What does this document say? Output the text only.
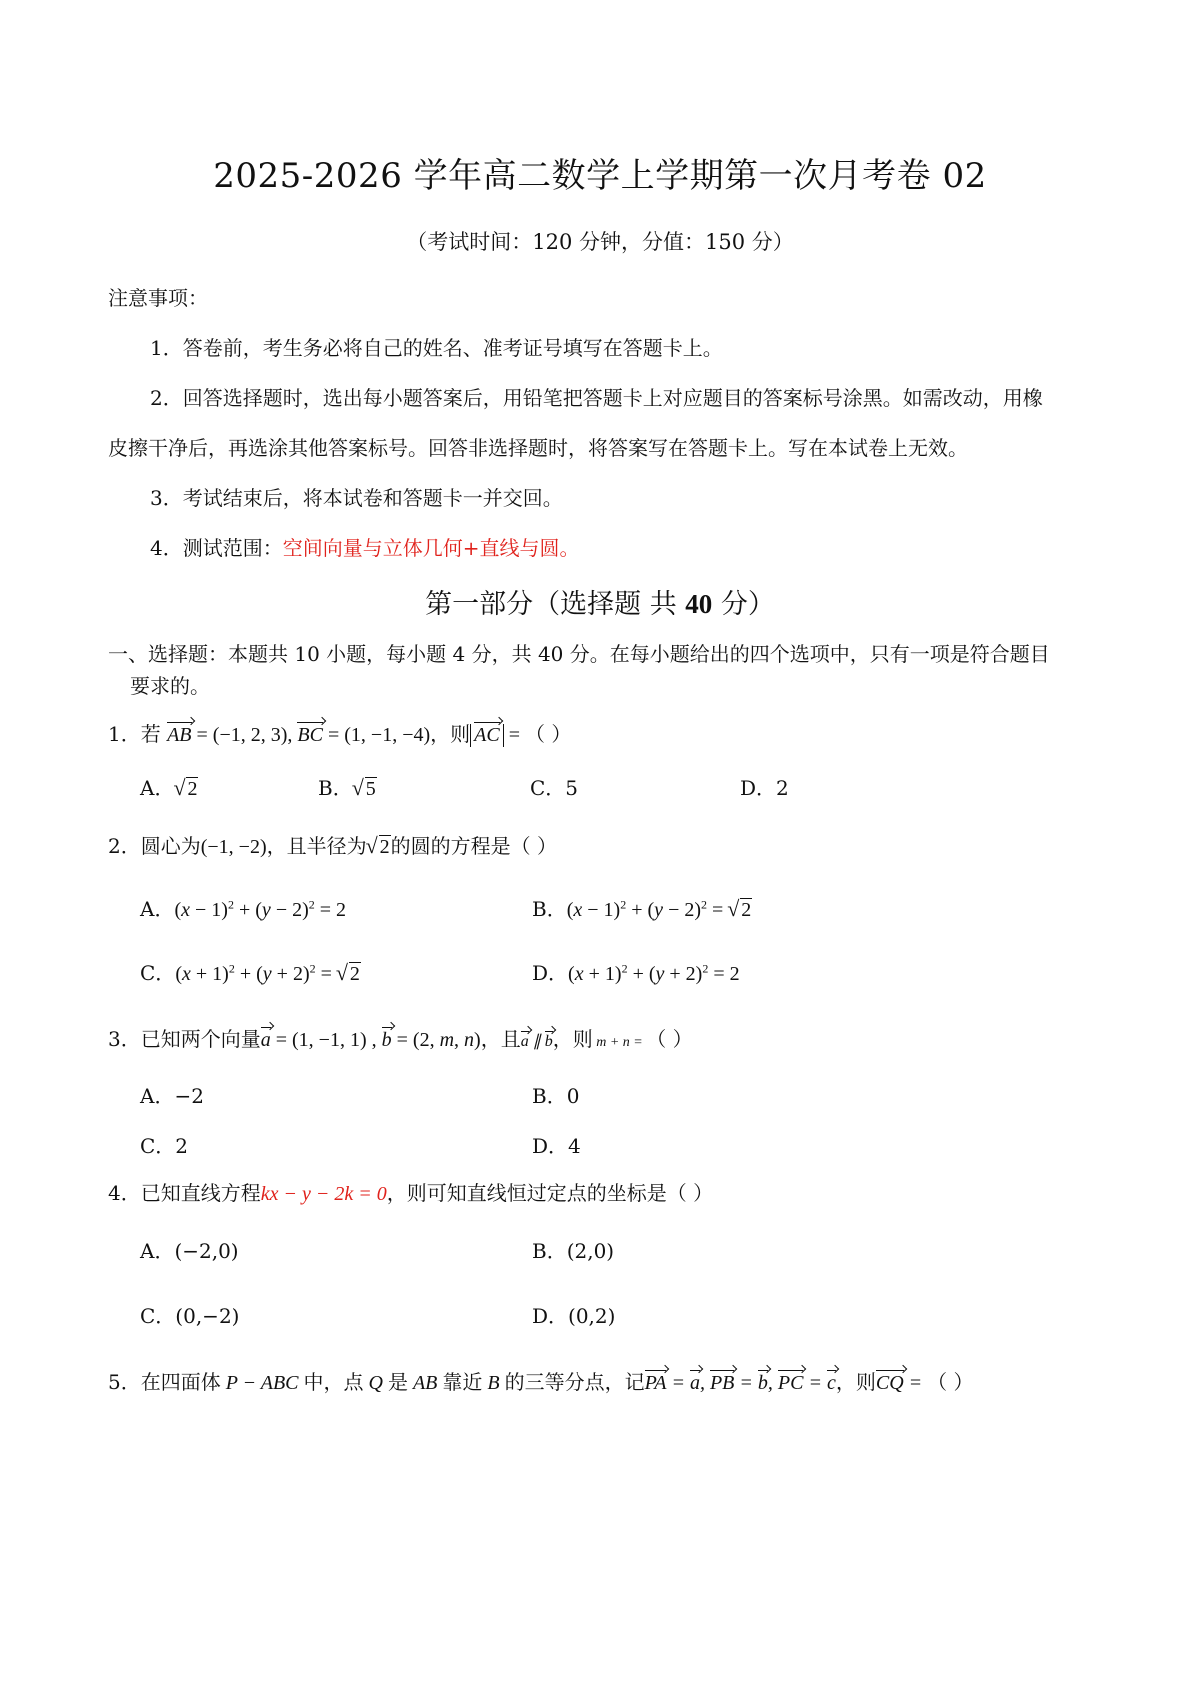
2025-2026 学年高二数学上学期第一次月考卷 02
（考试时间：120 分钟，分值：150 分）
注意事项：
1．答卷前，考生务必将自己的姓名、准考证号填写在答题卡上。
2．回答选择题时，选出每小题答案后，用铅笔把答题卡上对应题目的答案标号涂黑。如需改动，用橡
皮擦干净后，再选涂其他答案标号。回答非选择题时，将答案写在答题卡上。写在本试卷上无效。
3．考试结束后，将本试卷和答题卡一并交回。
4．测试范围：空间向量与立体几何+直线与圆。
第一部分（选择题 共 40 分）
一、选择题：本题共 10 小题，每小题 4 分，共 40 分。在每小题给出的四个选项中，只有一项是符合题目
要求的。
1．若 AB = (−1, 2, 3), BC = (1, −1, −4)，则 AC = （ ）
A． √ 2	B． √ 5	C．5	D．2
2．圆心为(−1, −2)，且半径为 √ 2的圆的方程是（ ）
A．$(x - 1)^2 + (y - 2)^2 = 2$	B．$(x - 1)^2 + (y - 2)^2$ = √ 2
C．$(x + 1)^2 + (y + 2)^2$ = √ 2	D．$(x + 1)^2 + (y + 2)^2 = 2$
3．已知两个向量a = (1, −1, 1) , b = (2, m, n)，且a ∥ b，则 m + n = （ ）
A．−2	B．0
C．2	D．4
4．已知直线方程kx − y − 2k = 0，则可知直线恒过定点的坐标是（ ）
A．(−2,0)	B．(2,0)
C．(0,−2)	D．(0,2)
5．在四面体 P − ABC 中，点 Q 是 AB 靠近 B 的三等分点，记PA = a, PB = b, PC = c，则CQ = （ ）
